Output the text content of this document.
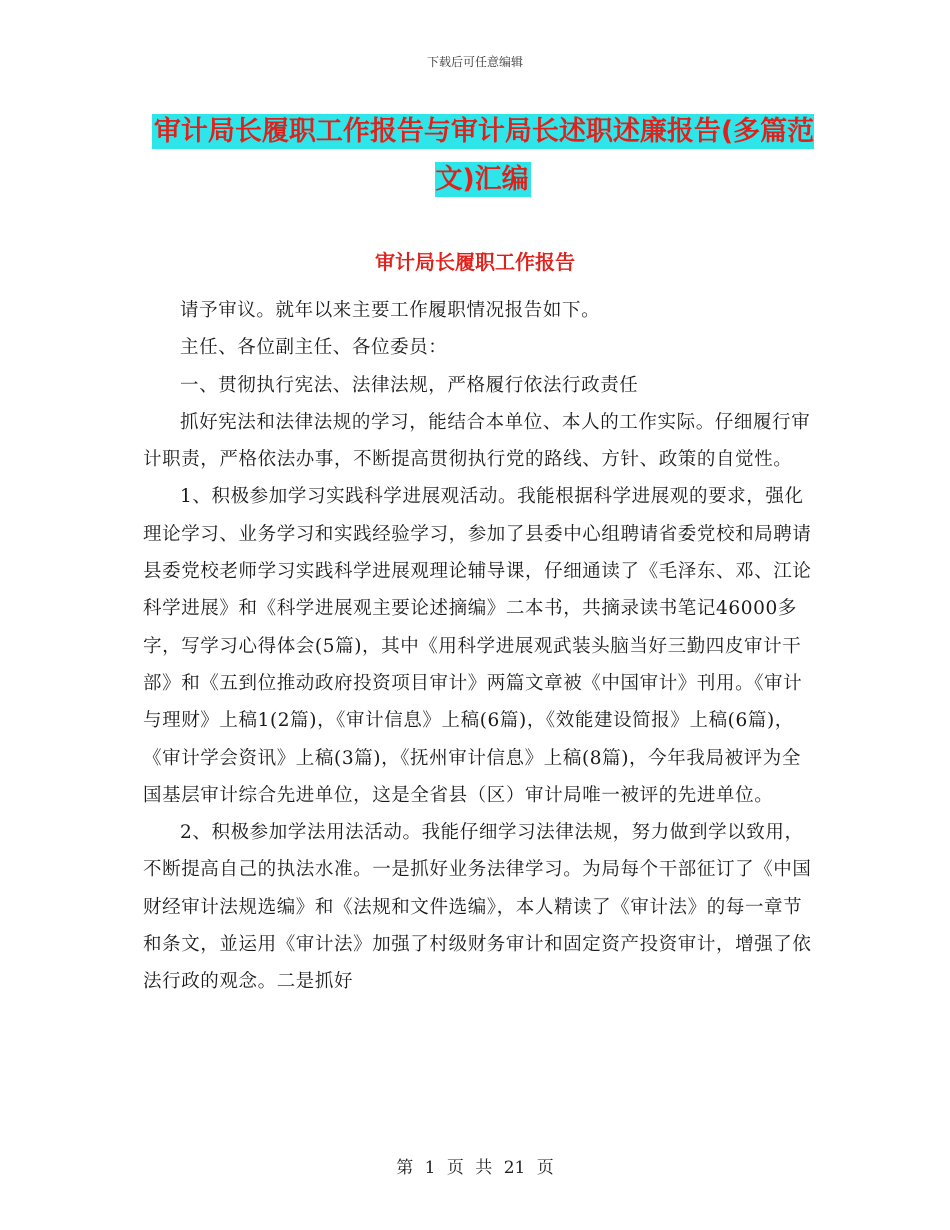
下载后可任意编辑
审计局长履职工作报告与审计局长述职述廉报告(多篇范文)汇编
审计局长履职工作报告

请予审议。就年以来主要工作履职情况报告如下。

主任、各位副主任、各位委员：

一、贯彻执行宪法、法律法规，严格履行依法行政责任

抓好宪法和法律法规的学习，能结合本单位、本人的工作实际。仔细履行审计职责，严格依法办事，不断提高贯彻执行党的路线、方针、政策的自觉性。

1、积极参加学习实践科学进展观活动。我能根据科学进展观的要求，强化理论学习、业务学习和实践经验学习，参加了县委中心组聘请省委党校和局聘请县委党校老师学习实践科学进展观理论辅导课，仔细通读了《毛泽东、邓、江论科学进展》和《科学进展观主要论述摘编》二本书，共摘录读书笔记46000多字，写学习心得体会(5篇)，其中《用科学进展观武装头脑当好三勤四皮审计干部》和《五到位推动政府投资项目审计》两篇文章被《中国审计》刊用。《审计与理财》上稿1(2篇)，《审计信息》上稿(6篇)，《效能建设简报》上稿(6篇)，《审计学会资讯》上稿(3篇)，《抚州审计信息》上稿(8篇)，今年我局被评为全国基层审计综合先进单位，这是全省县（区）审计局唯一被评的先进单位。

2、积极参加学法用法活动。我能仔细学习法律法规，努力做到学以致用，不断提高自己的执法水准。一是抓好业务法律学习。为局每个干部征订了《中国财经审计法规选编》和《法规和文件选编》，本人精读了《审计法》的每一章节和条文，並运用《审计法》加强了村级财务审计和固定资产投资审计，增强了依法行政的观念。二是抓好

第 1 页 共 21 页
